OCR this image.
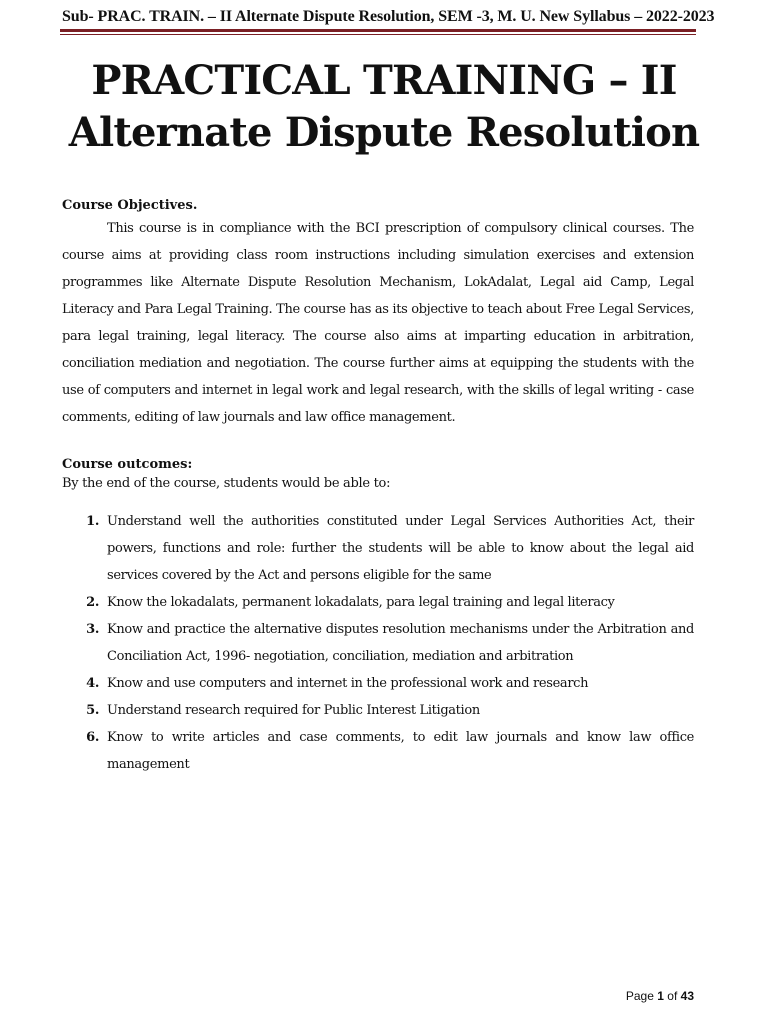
Sub- PRAC. TRAIN. – II Alternate Dispute Resolution, SEM -3, M. U. New Syllabus – 2022-2023
PRACTICAL TRAINING – II
Alternate Dispute Resolution
Course Objectives.

This course is in compliance with the BCI prescription of compulsory clinical courses. The course aims at providing class room instructions including simulation exercises and extension programmes like Alternate Dispute Resolution Mechanism, LokAdalat, Legal aid Camp, Legal Literacy and Para Legal Training. The course has as its objective to teach about Free Legal Services, para legal training, legal literacy. The course also aims at imparting education in arbitration, conciliation mediation and negotiation. The course further aims at equipping the students with the use of computers and internet in legal work and legal research, with the skills of legal writing - case comments, editing of law journals and law office management.

Course outcomes:
By the end of the course, students would be able to:
1. Understand well the authorities constituted under Legal Services Authorities Act, their powers, functions and role: further the students will be able to know about the legal aid services covered by the Act and persons eligible for the same
2. Know the lokadalats, permanent lokadalats, para legal training and legal literacy
3. Know and practice the alternative disputes resolution mechanisms under the Arbitration and Conciliation Act, 1996- negotiation, conciliation, mediation and arbitration
4. Know and use computers and internet in the professional work and research
5. Understand research required for Public Interest Litigation
6. Know to write articles and case comments, to edit law journals and know law office management
Page 1 of 43
